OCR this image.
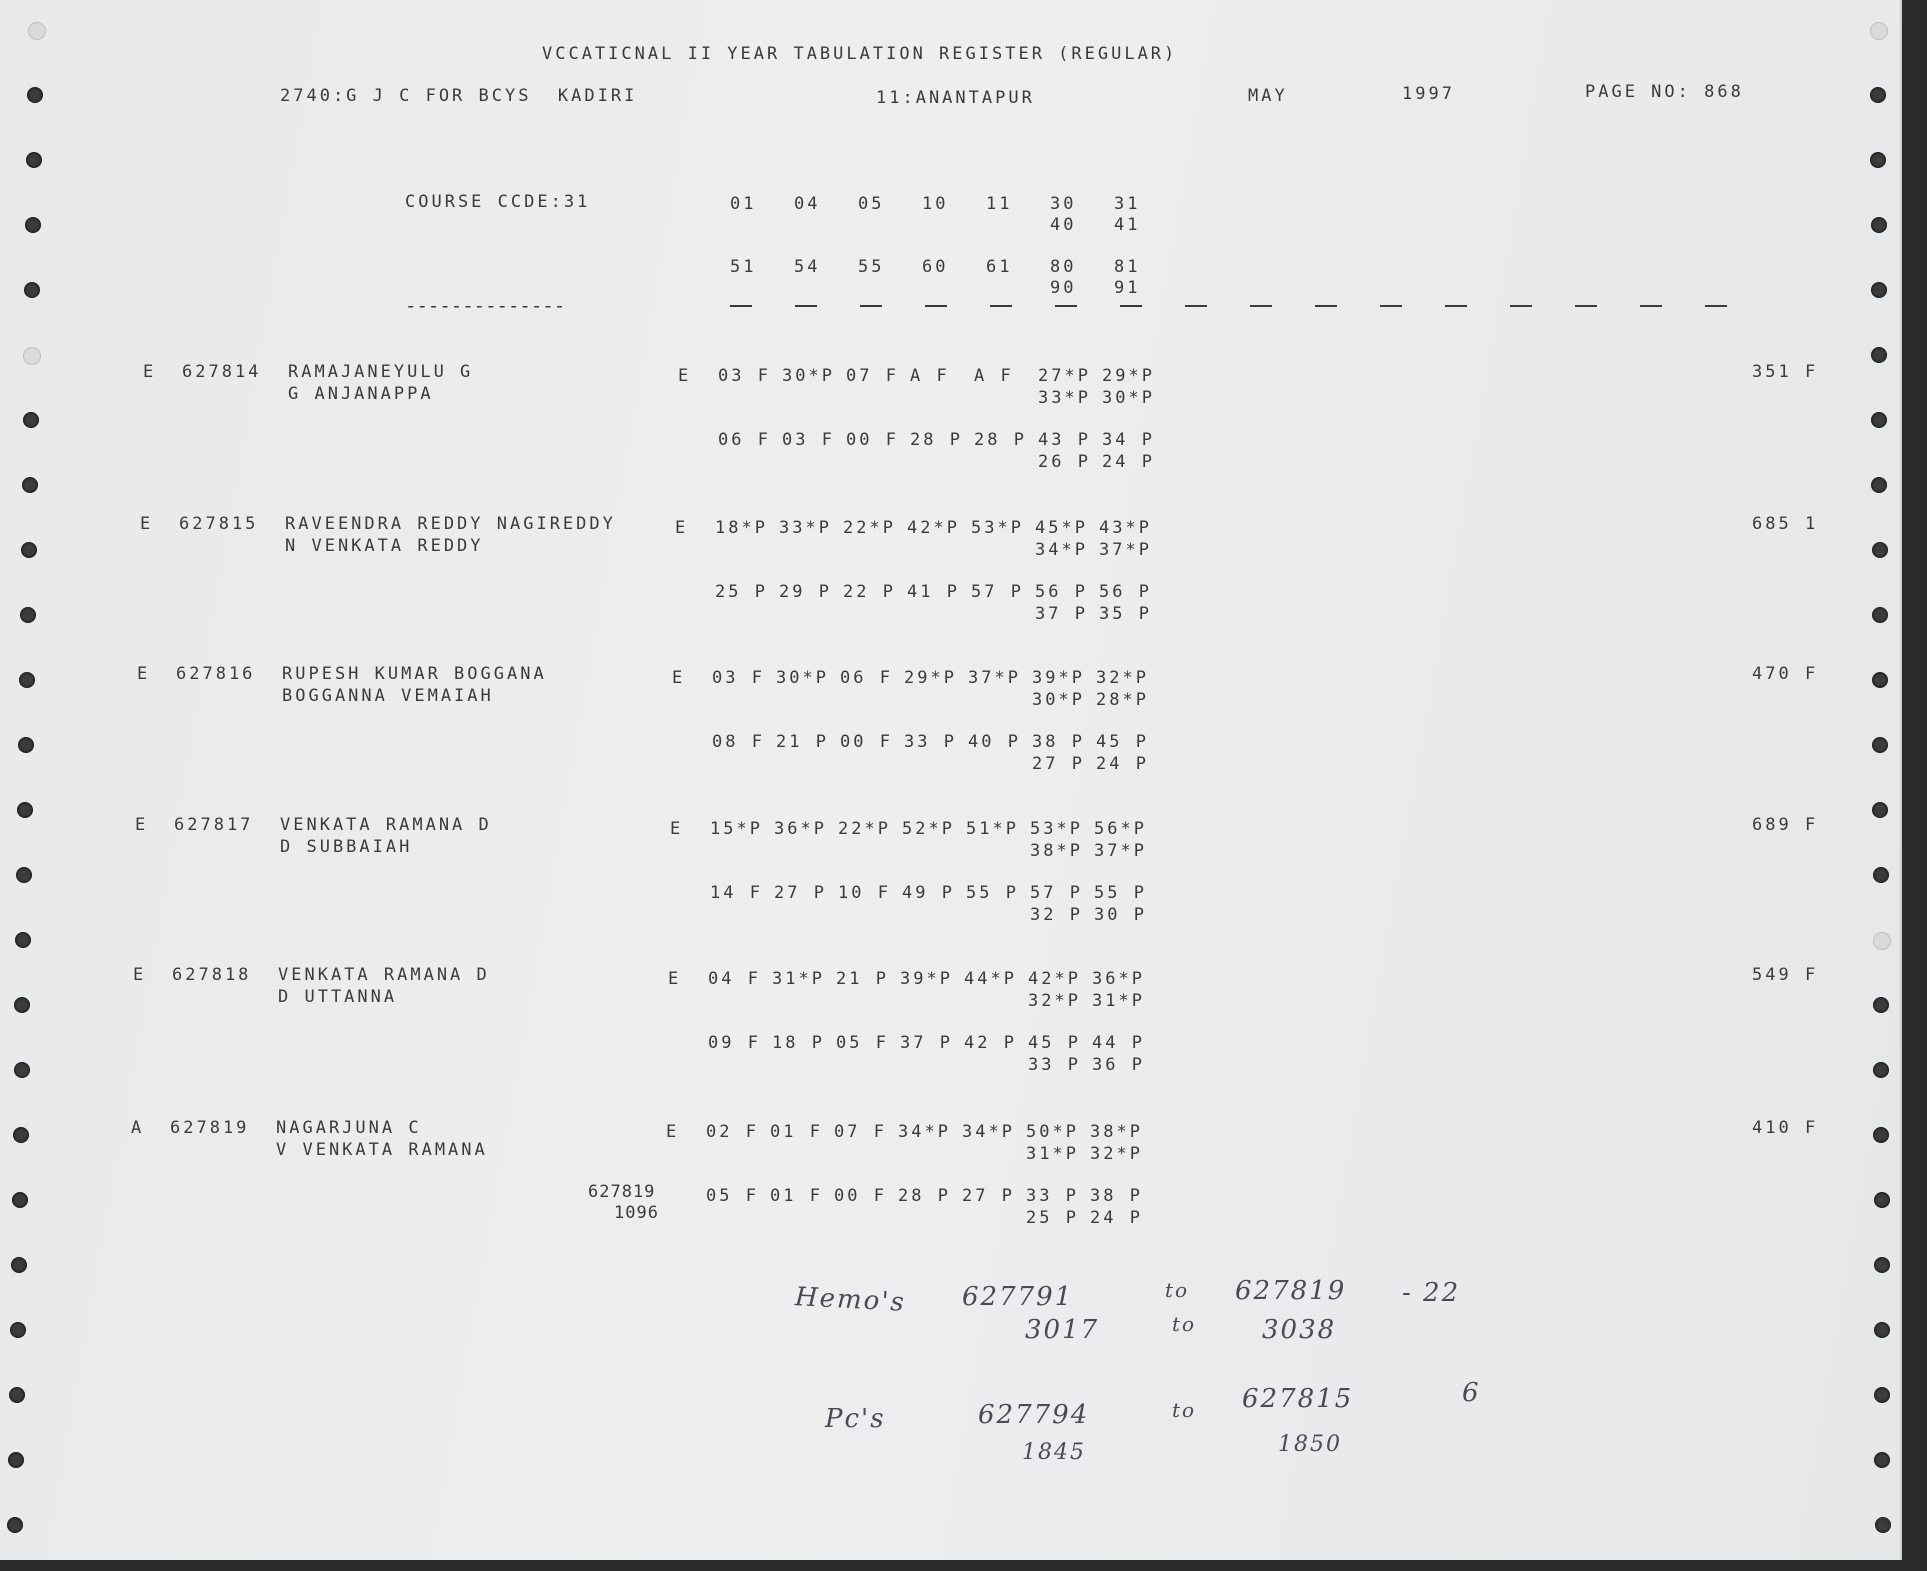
VCCATICNAL II YEAR TABULATION REGISTER (REGULAR)
2740:G J C FOR BCYS  KADIRI	11:ANANTAPUR	MAY	1997	PAGE NO: 868
COURSE CCDE:31	01 04 05 10 11 30 31
40 41
51 54 55 60 61 80 81
90 91
--------------
E 627814 RAMAJANEYULU G
G ANJANAPPA
E 03 F 30*P 07 F A F A F 27*P 29*P
33*P 30*P
06 F 03 F 00 F 28 P 28 P 43 P 34 P
26 P 24 P
351 F
E 627815 RAVEENDRA REDDY NAGIREDDY
N VENKATA REDDY
E 18*P 33*P 22*P 42*P 53*P 45*P 43*P
34*P 37*P
25 P 29 P 22 P 41 P 57 P 56 P 56 P
37 P 35 P
685 1
E 627816 RUPESH KUMAR BOGGANA
BOGGANNA VEMAIAH
E 03 F 30*P 06 F 29*P 37*P 39*P 32*P
30*P 28*P
08 F 21 P 00 F 33 P 40 P 38 P 45 P
27 P 24 P
470 F
E 627817 VENKATA RAMANA D
D SUBBAIAH
E 15*P 36*P 22*P 52*P 51*P 53*P 56*P
38*P 37*P
14 F 27 P 10 F 49 P 55 P 57 P 55 P
32 P 30 P
689 F
E 627818 VENKATA RAMANA D
D UTTANNA
E 04 F 31*P 21 P 39*P 44*P 42*P 36*P
32*P 31*P
09 F 18 P 05 F 37 P 42 P 45 P 44 P
33 P 36 P
549 F
A 627819 NAGARJUNA C
V VENKATA RAMANA
E 02 F 01 F 07 F 34*P 34*P 50*P 38*P
31*P 32*P
05 F 01 F 00 F 28 P 27 P 33 P 38 P
25 P 24 P
410 F
627819
1096
Hemo's 627791	to 627819 - 22
3017	to	3038
Pc's	627794	to 627815	6
1845	1850
